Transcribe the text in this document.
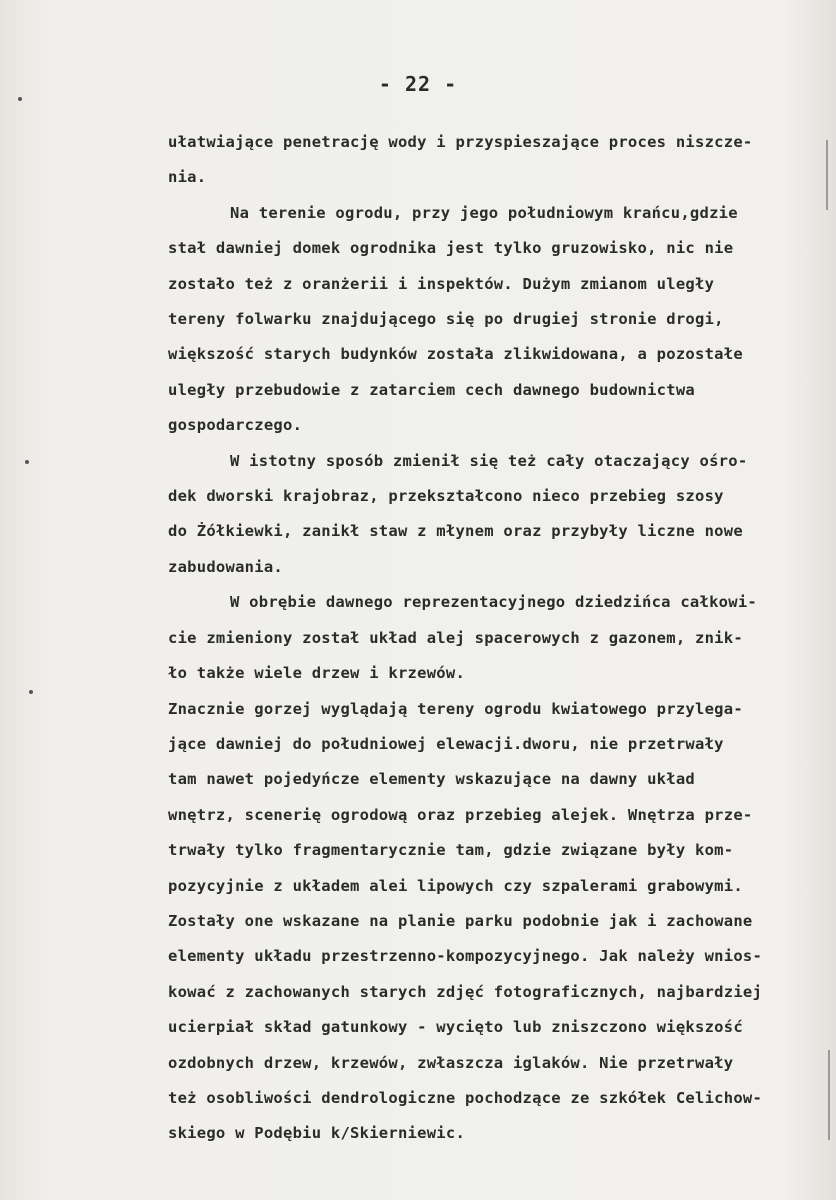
- 22 -
ułatwiające penetrację wody i przyspieszające proces niszcze-
nia.
Na terenie ogrodu, przy jego południowym krańcu,gdzie
stał dawniej domek ogrodnika jest tylko gruzowisko, nic nie
zostało też z oranżerii i inspektów. Dużym zmianom uległy
tereny folwarku znajdującego się po drugiej stronie drogi,
większość starych budynków została zlikwidowana, a pozostałe
uległy przebudowie z zatarciem cech dawnego budownictwa
gospodarczego.
W istotny sposób zmienił się też cały otaczający ośro-
dek dworski krajobraz, przekształcono nieco przebieg szosy
do Żółkiewki, zanikł staw z młynem oraz przybyły liczne nowe
zabudowania.
W obrębie dawnego reprezentacyjnego dziedzińca całkowi-
cie zmieniony został układ alej spacerowych z gazonem, znik-
ło także wiele drzew i krzewów.
Znacznie gorzej wyglądają tereny ogrodu kwiatowego przylega-
jące dawniej do południowej elewacji.dworu, nie przetrwały
tam nawet pojedyńcze elementy wskazujące na dawny układ
wnętrz, scenerię ogrodową oraz przebieg alejek. Wnętrza prze-
trwały tylko fragmentarycznie tam, gdzie związane były kom-
pozycyjnie z układem alei lipowych czy szpalerami grabowymi.
Zostały one wskazane na planie parku podobnie jak i zachowane
elementy układu przestrzenno-kompozycyjnego. Jak należy wnios-
kować z zachowanych starych zdjęć fotograficznych, najbardziej
ucierpiał skład gatunkowy - wycięto lub zniszczono większość
ozdobnych drzew, krzewów, zwłaszcza iglaków. Nie przetrwały
też osobliwości dendrologiczne pochodzące ze szkółek Celichow-
skiego w Podębiu k/Skierniewic.
